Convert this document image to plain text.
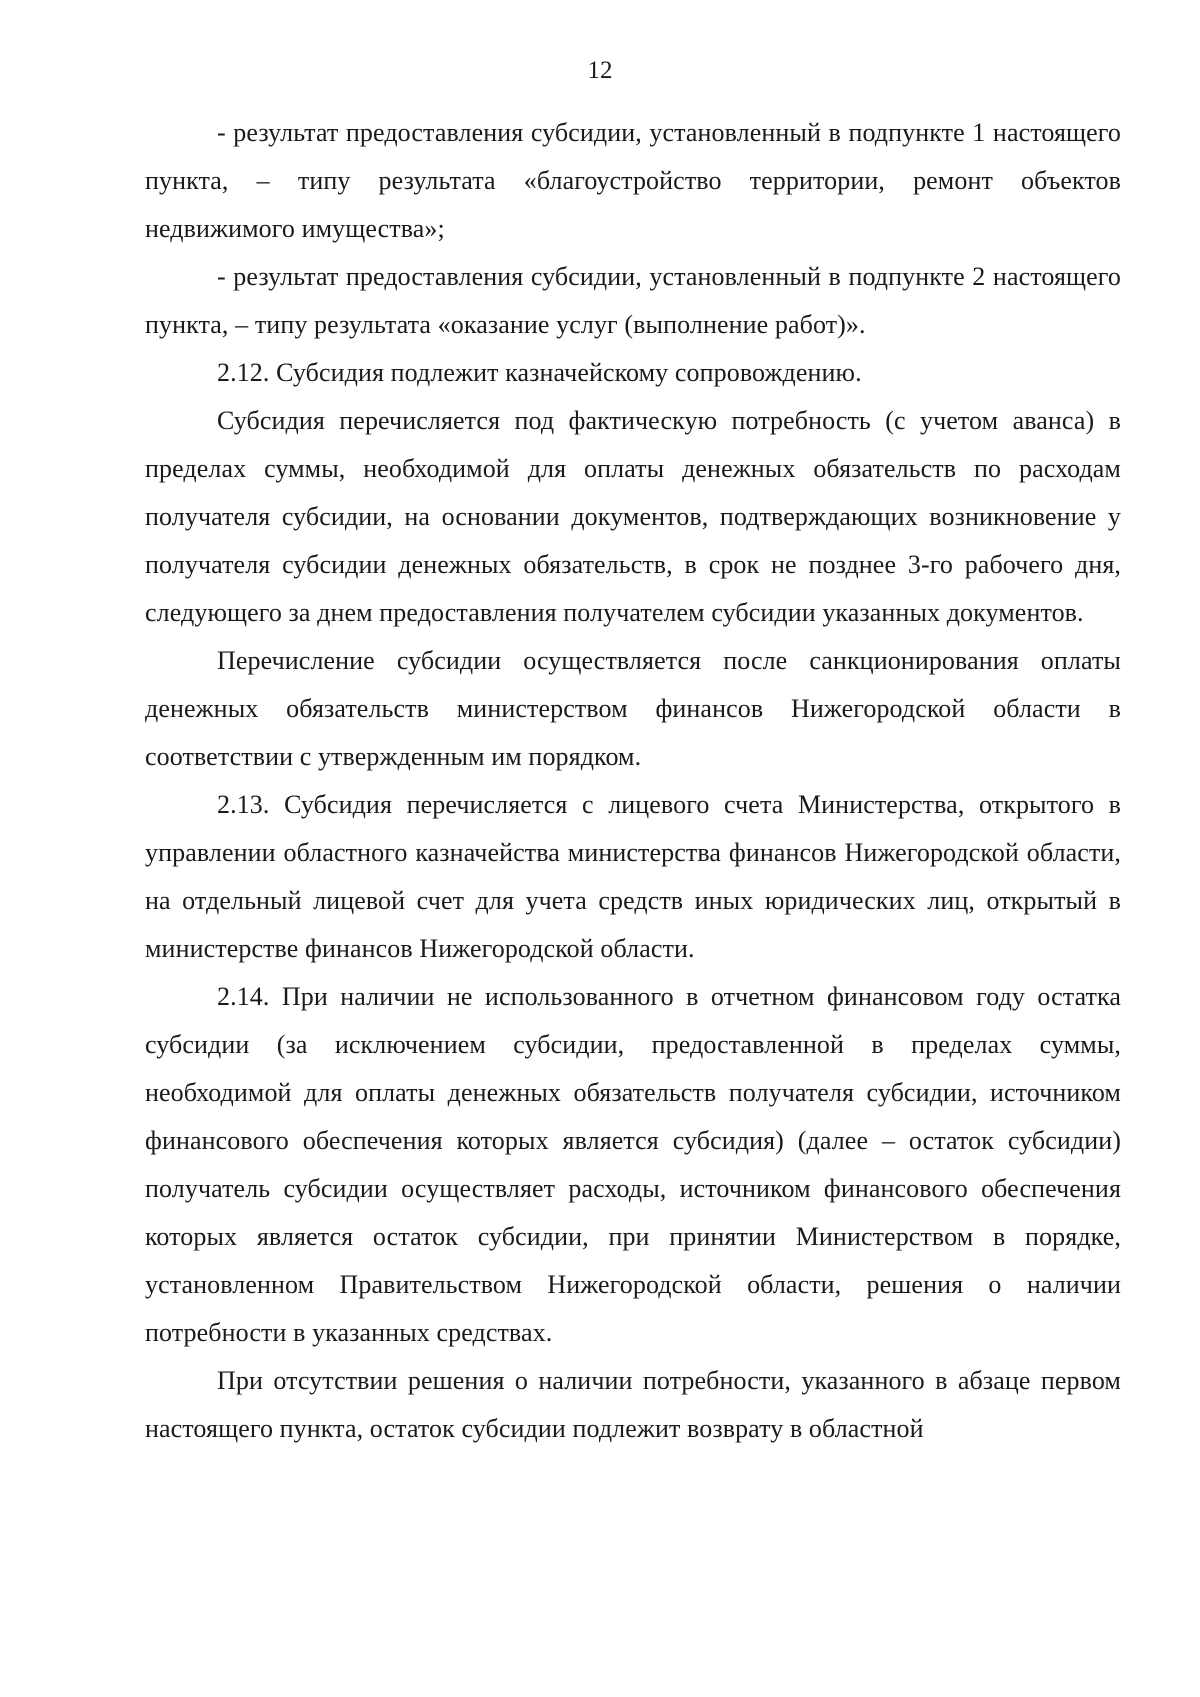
12

- результат предоставления субсидии, установленный в подпункте 1 настоящего пункта, – типу результата «благоустройство территории, ремонт объектов недвижимого имущества»;

- результат предоставления субсидии, установленный в подпункте 2 настоящего пункта, – типу результата «оказание услуг (выполнение работ)».

2.12. Субсидия подлежит казначейскому сопровождению.

Субсидия перечисляется под фактическую потребность (с учетом аванса) в пределах суммы, необходимой для оплаты денежных обязательств по расходам получателя субсидии, на основании документов, подтверждающих возникновение у получателя субсидии денежных обязательств, в срок не позднее 3-го рабочего дня, следующего за днем предоставления получателем субсидии указанных документов.

Перечисление субсидии осуществляется после санкционирования оплаты денежных обязательств министерством финансов Нижегородской области в соответствии с утвержденным им порядком.

2.13. Субсидия перечисляется с лицевого счета Министерства, открытого в управлении областного казначейства министерства финансов Нижегородской области, на отдельный лицевой счет для учета средств иных юридических лиц, открытый в министерстве финансов Нижегородской области.

2.14. При наличии не использованного в отчетном финансовом году остатка субсидии (за исключением субсидии, предоставленной в пределах суммы, необходимой для оплаты денежных обязательств получателя субсидии, источником финансового обеспечения которых является субсидия) (далее – остаток субсидии) получатель субсидии осуществляет расходы, источником финансового обеспечения которых является остаток субсидии, при принятии Министерством в порядке, установленном Правительством Нижегородской области, решения о наличии потребности в указанных средствах.

При отсутствии решения о наличии потребности, указанного в абзаце первом настоящего пункта, остаток субсидии подлежит возврату в областной
